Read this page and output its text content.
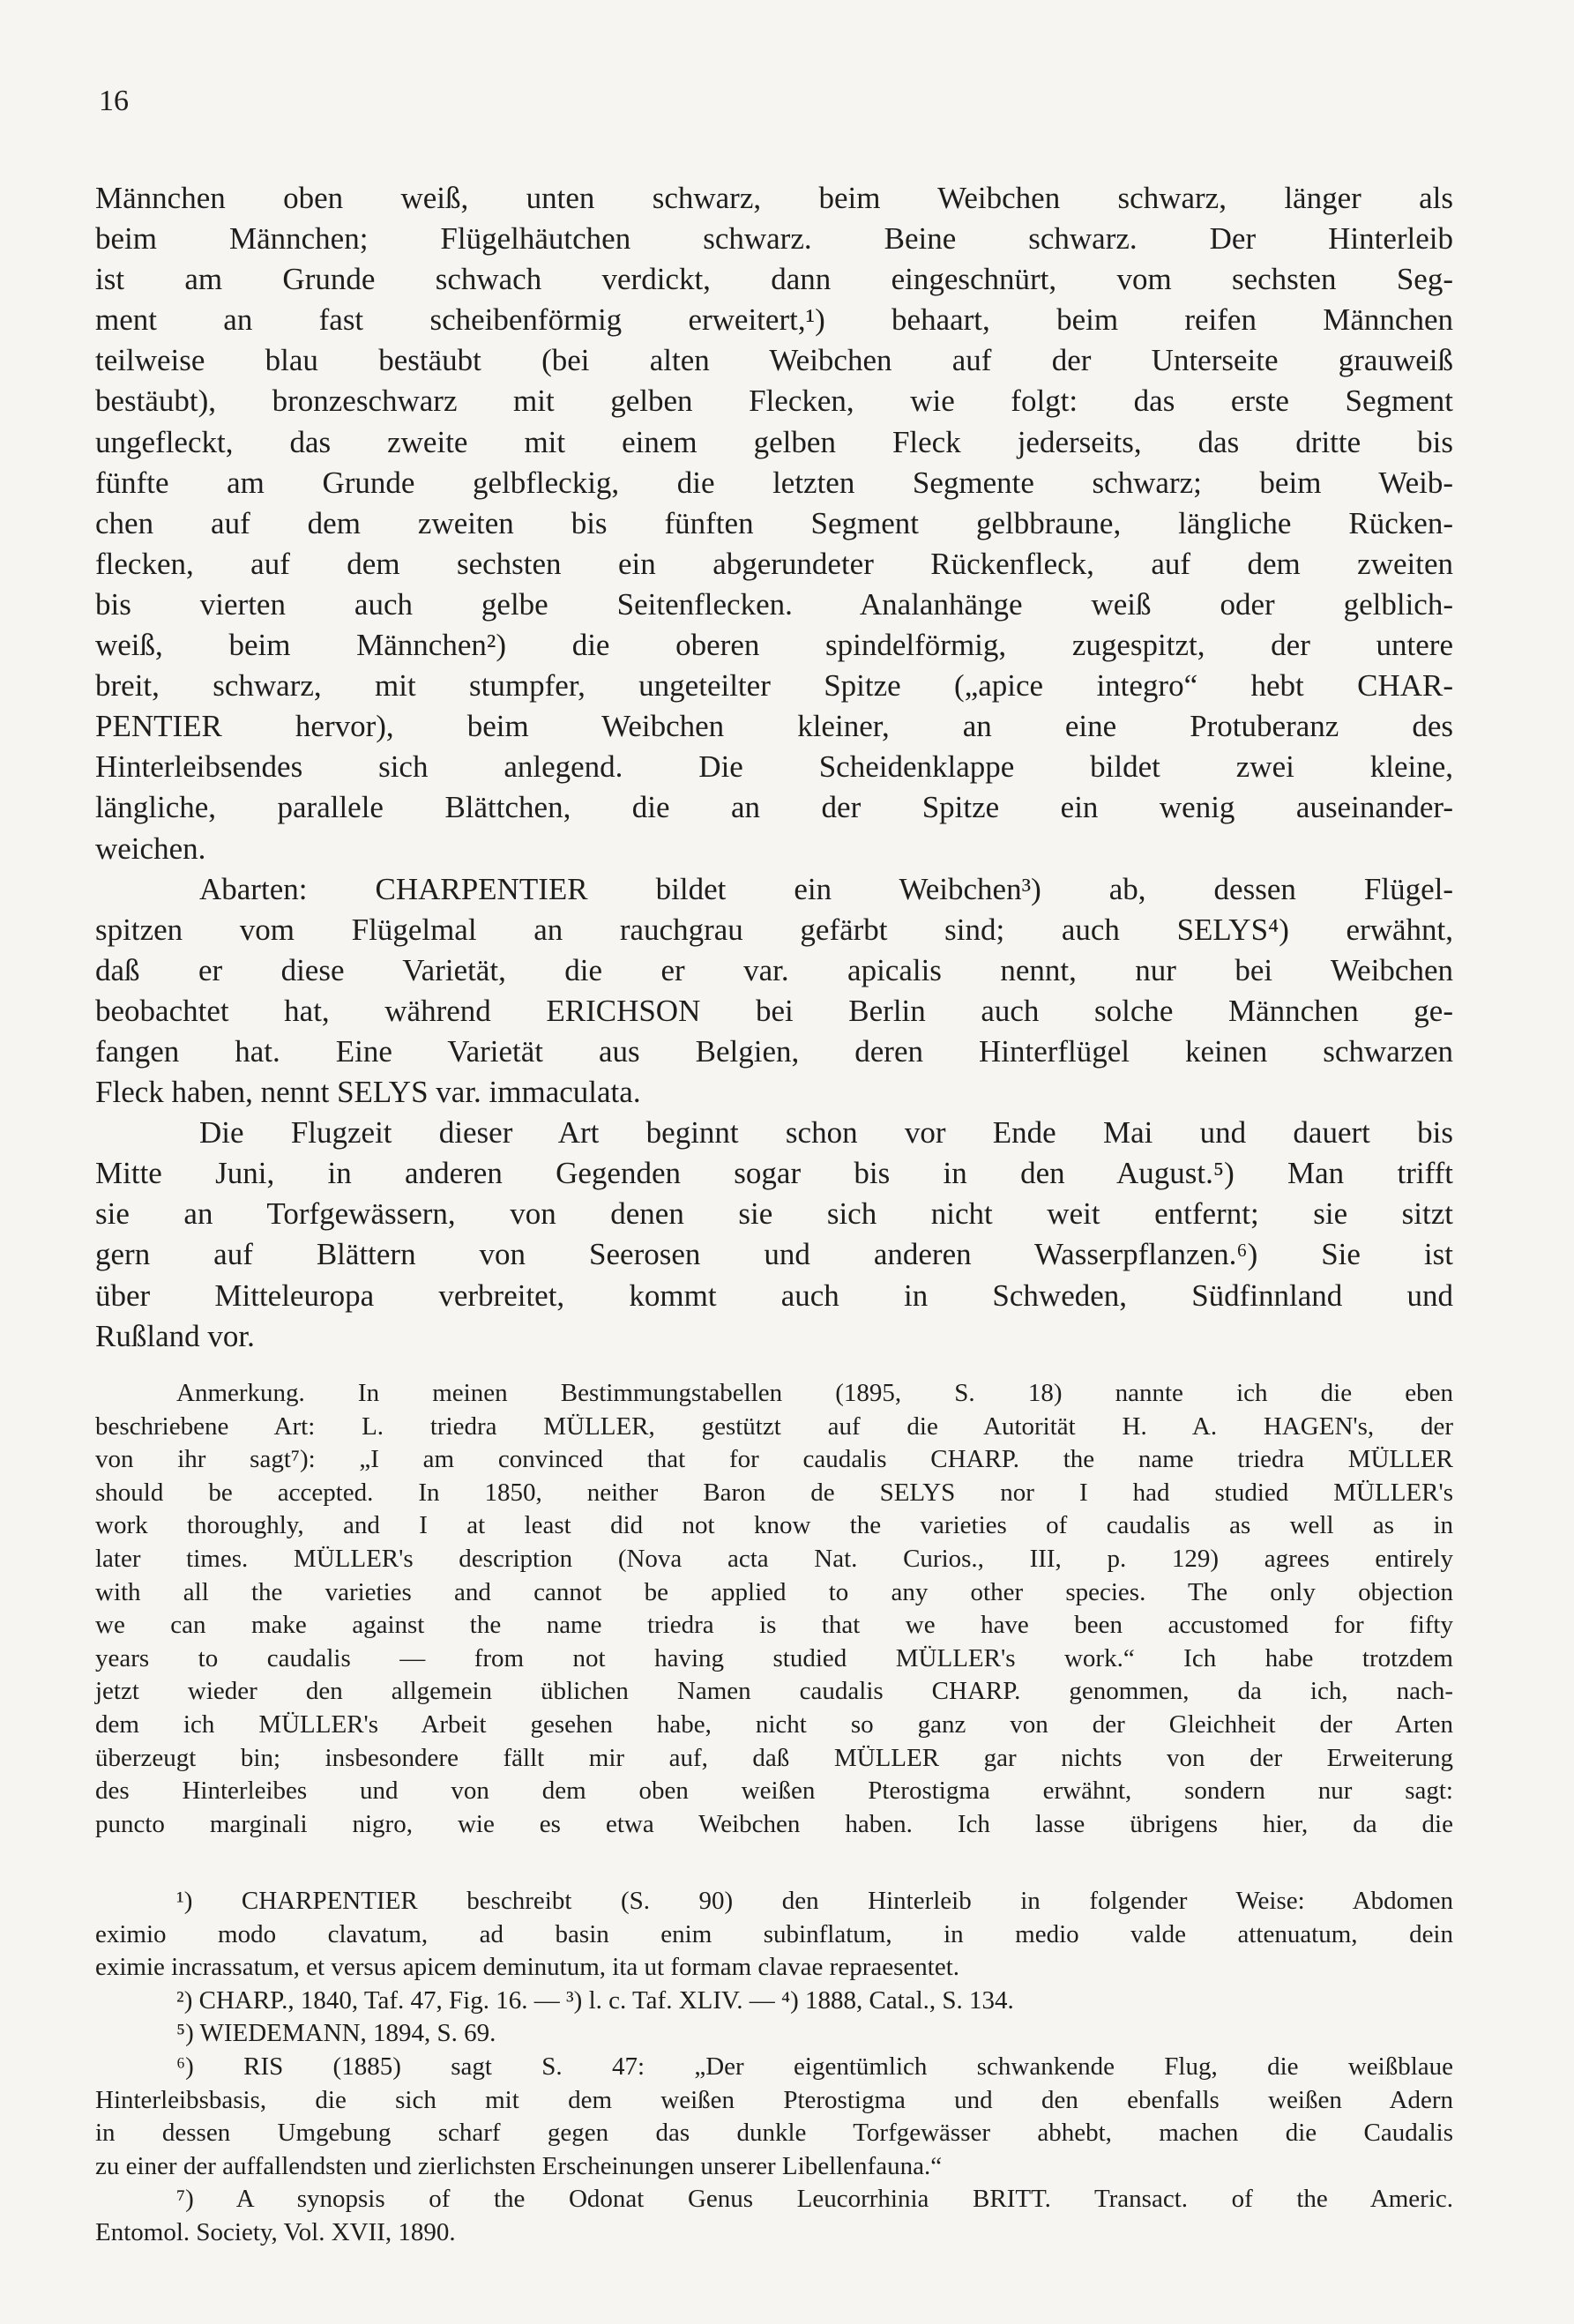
16

Männchen oben weiß, unten schwarz, beim Weibchen schwarz, länger als

beim Männchen; Flügelhäutchen schwarz. Beine schwarz. Der Hinterleib

ist am Grunde schwach verdickt, dann eingeschnürt, vom sechsten Seg-

ment an fast scheibenförmig erweitert,¹) behaart, beim reifen Männchen

teilweise blau bestäubt (bei alten Weibchen auf der Unterseite grauweiß

bestäubt), bronzeschwarz mit gelben Flecken, wie folgt: das erste Segment

ungefleckt, das zweite mit einem gelben Fleck jederseits, das dritte bis

fünfte am Grunde gelbfleckig, die letzten Segmente schwarz; beim Weib-

chen auf dem zweiten bis fünften Segment gelbbraune, längliche Rücken-

flecken, auf dem sechsten ein abgerundeter Rückenfleck, auf dem zweiten

bis vierten auch gelbe Seitenflecken. Analanhänge weiß oder gelblich-

weiß, beim Männchen²) die oberen spindelförmig, zugespitzt, der untere

breit, schwarz, mit stumpfer, ungeteilter Spitze („apice integro“ hebt CHAR-

PENTIER hervor), beim Weibchen kleiner, an eine Protuberanz des

Hinterleibsendes sich anlegend. Die Scheidenklappe bildet zwei kleine,

längliche, parallele Blättchen, die an der Spitze ein wenig auseinander-

weichen.

Abarten: CHARPENTIER bildet ein Weibchen³) ab, dessen Flügel-

spitzen vom Flügelmal an rauchgrau gefärbt sind; auch SELYS⁴) erwähnt,

daß er diese Varietät, die er var. apicalis nennt, nur bei Weibchen

beobachtet hat, während ERICHSON bei Berlin auch solche Männchen ge-

fangen hat. Eine Varietät aus Belgien, deren Hinterflügel keinen schwarzen

Fleck haben, nennt SELYS var. immaculata.

Die Flugzeit dieser Art beginnt schon vor Ende Mai und dauert bis

Mitte Juni, in anderen Gegenden sogar bis in den August.⁵) Man trifft

sie an Torfgewässern, von denen sie sich nicht weit entfernt; sie sitzt

gern auf Blättern von Seerosen und anderen Wasserpflanzen.⁶) Sie ist

über Mitteleuropa verbreitet, kommt auch in Schweden, Südfinnland und

Rußland vor.

Anmerkung. In meinen Bestimmungstabellen (1895, S. 18) nannte ich die eben

beschriebene Art: L. triedra MÜLLER, gestützt auf die Autorität H. A. HAGEN's, der

von ihr sagt⁷): „I am convinced that for caudalis CHARP. the name triedra MÜLLER

should be accepted. In 1850, neither Baron de SELYS nor I had studied MÜLLER's

work thoroughly, and I at least did not know the varieties of caudalis as well as in

later times. MÜLLER's description (Nova acta Nat. Curios., III, p. 129) agrees entirely

with all the varieties and cannot be applied to any other species. The only objection

we can make against the name triedra is that we have been accustomed for fifty

years to caudalis — from not having studied MÜLLER's work.“ Ich habe trotzdem

jetzt wieder den allgemein üblichen Namen caudalis CHARP. genommen, da ich, nach-

dem ich MÜLLER's Arbeit gesehen habe, nicht so ganz von der Gleichheit der Arten

überzeugt bin; insbesondere fällt mir auf, daß MÜLLER gar nichts von der Erweiterung

des Hinterleibes und von dem oben weißen Pterostigma erwähnt, sondern nur sagt:

puncto marginali nigro, wie es etwa Weibchen haben. Ich lasse übrigens hier, da die

¹) CHARPENTIER beschreibt (S. 90) den Hinterleib in folgender Weise: Abdomen

eximio modo clavatum, ad basin enim subinflatum, in medio valde attenuatum, dein

eximie incrassatum, et versus apicem deminutum, ita ut formam clavae repraesentet.

²) CHARP., 1840, Taf. 47, Fig. 16. — ³) l. c. Taf. XLIV. — ⁴) 1888, Catal., S. 134.

⁵) WIEDEMANN, 1894, S. 69.

⁶) RIS (1885) sagt S. 47: „Der eigentümlich schwankende Flug, die weißblaue

Hinterleibsbasis, die sich mit dem weißen Pterostigma und den ebenfalls weißen Adern

in dessen Umgebung scharf gegen das dunkle Torfgewässer abhebt, machen die Caudalis

zu einer der auffallendsten und zierlichsten Erscheinungen unserer Libellenfauna.“

⁷) A synopsis of the Odonat Genus Leucorrhinia BRITT. Transact. of the Americ.

Entomol. Society, Vol. XVII, 1890.
